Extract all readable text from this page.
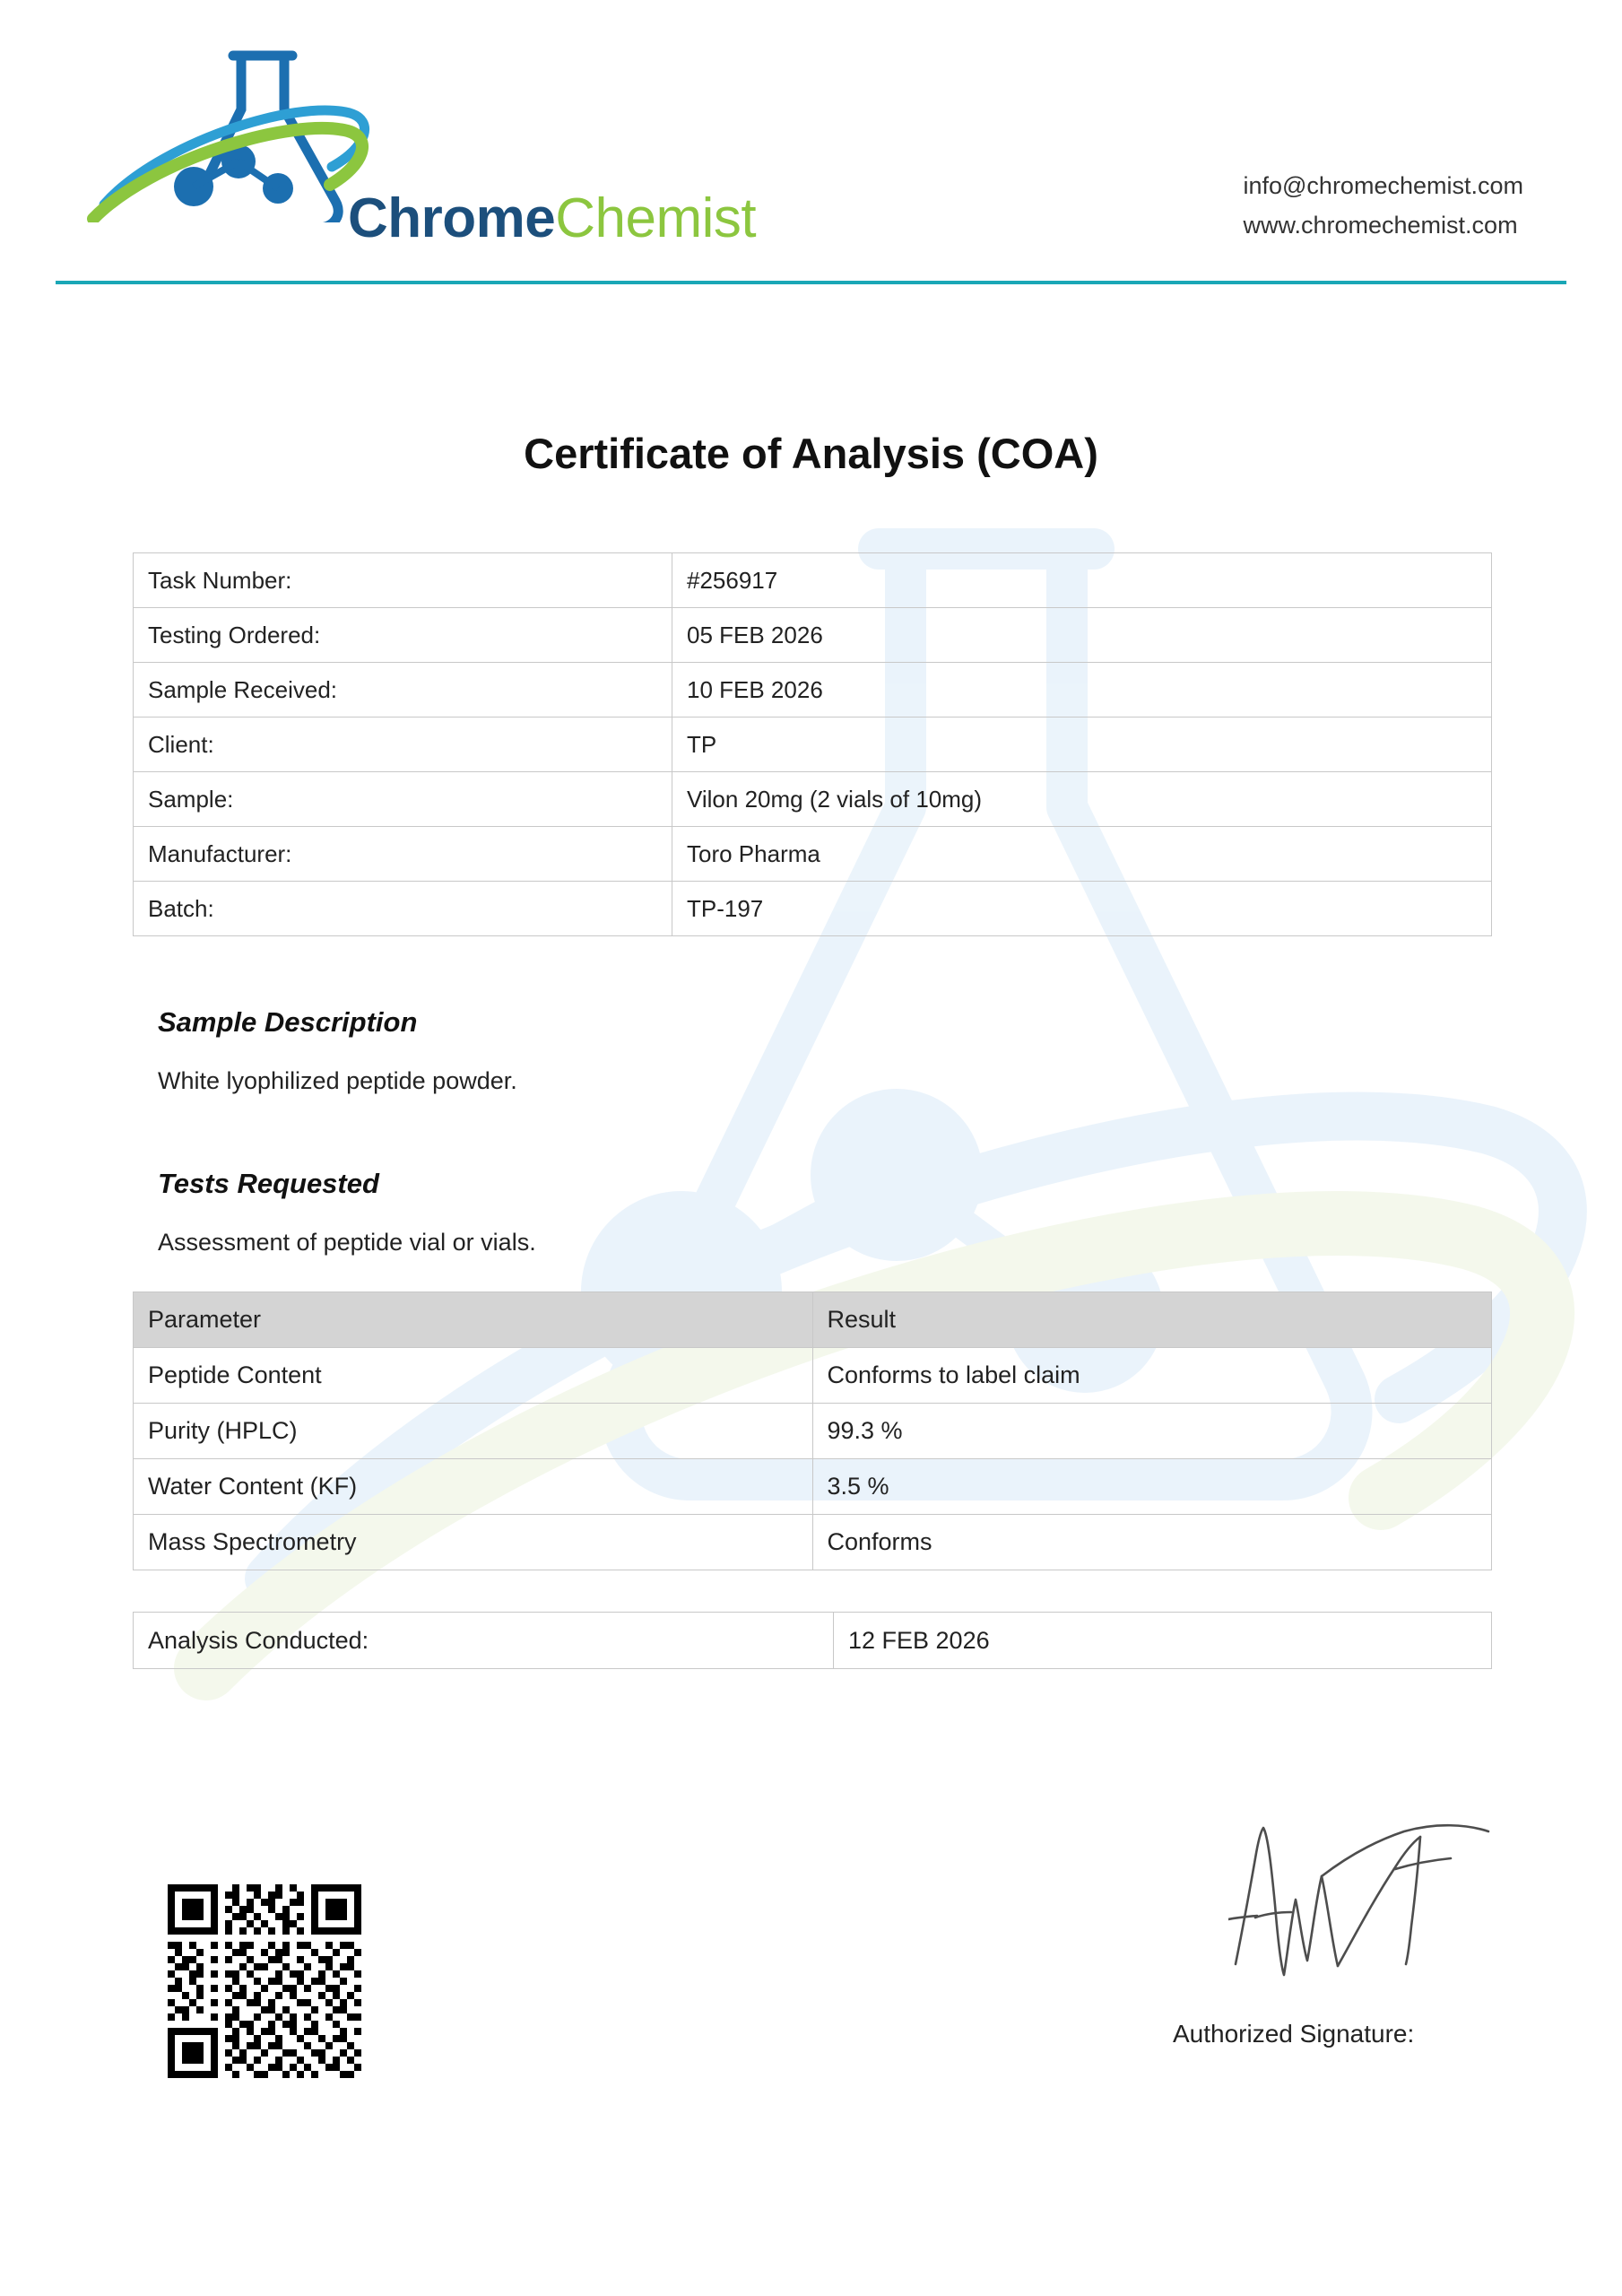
ChromeChemist
info@chromechemist.com
www.chromechemist.com
Certificate of Analysis (COA)
Task Number:	#256917
Testing Ordered:	05 FEB 2026
Sample Received:	10 FEB 2026
Client:	TP
Sample:	Vilon 20mg (2 vials of 10mg)
Manufacturer:	Toro Pharma
Batch:	TP-197
Sample Description
White lyophilized peptide powder.
Tests Requested
Assessment of peptide vial or vials.
Parameter	Result
Peptide Content	Conforms to label claim
Purity (HPLC)	99.3 %
Water Content (KF)	3.5 %
Mass Spectrometry	Conforms
Analysis Conducted:	12 FEB 2026
Authorized Signature:
